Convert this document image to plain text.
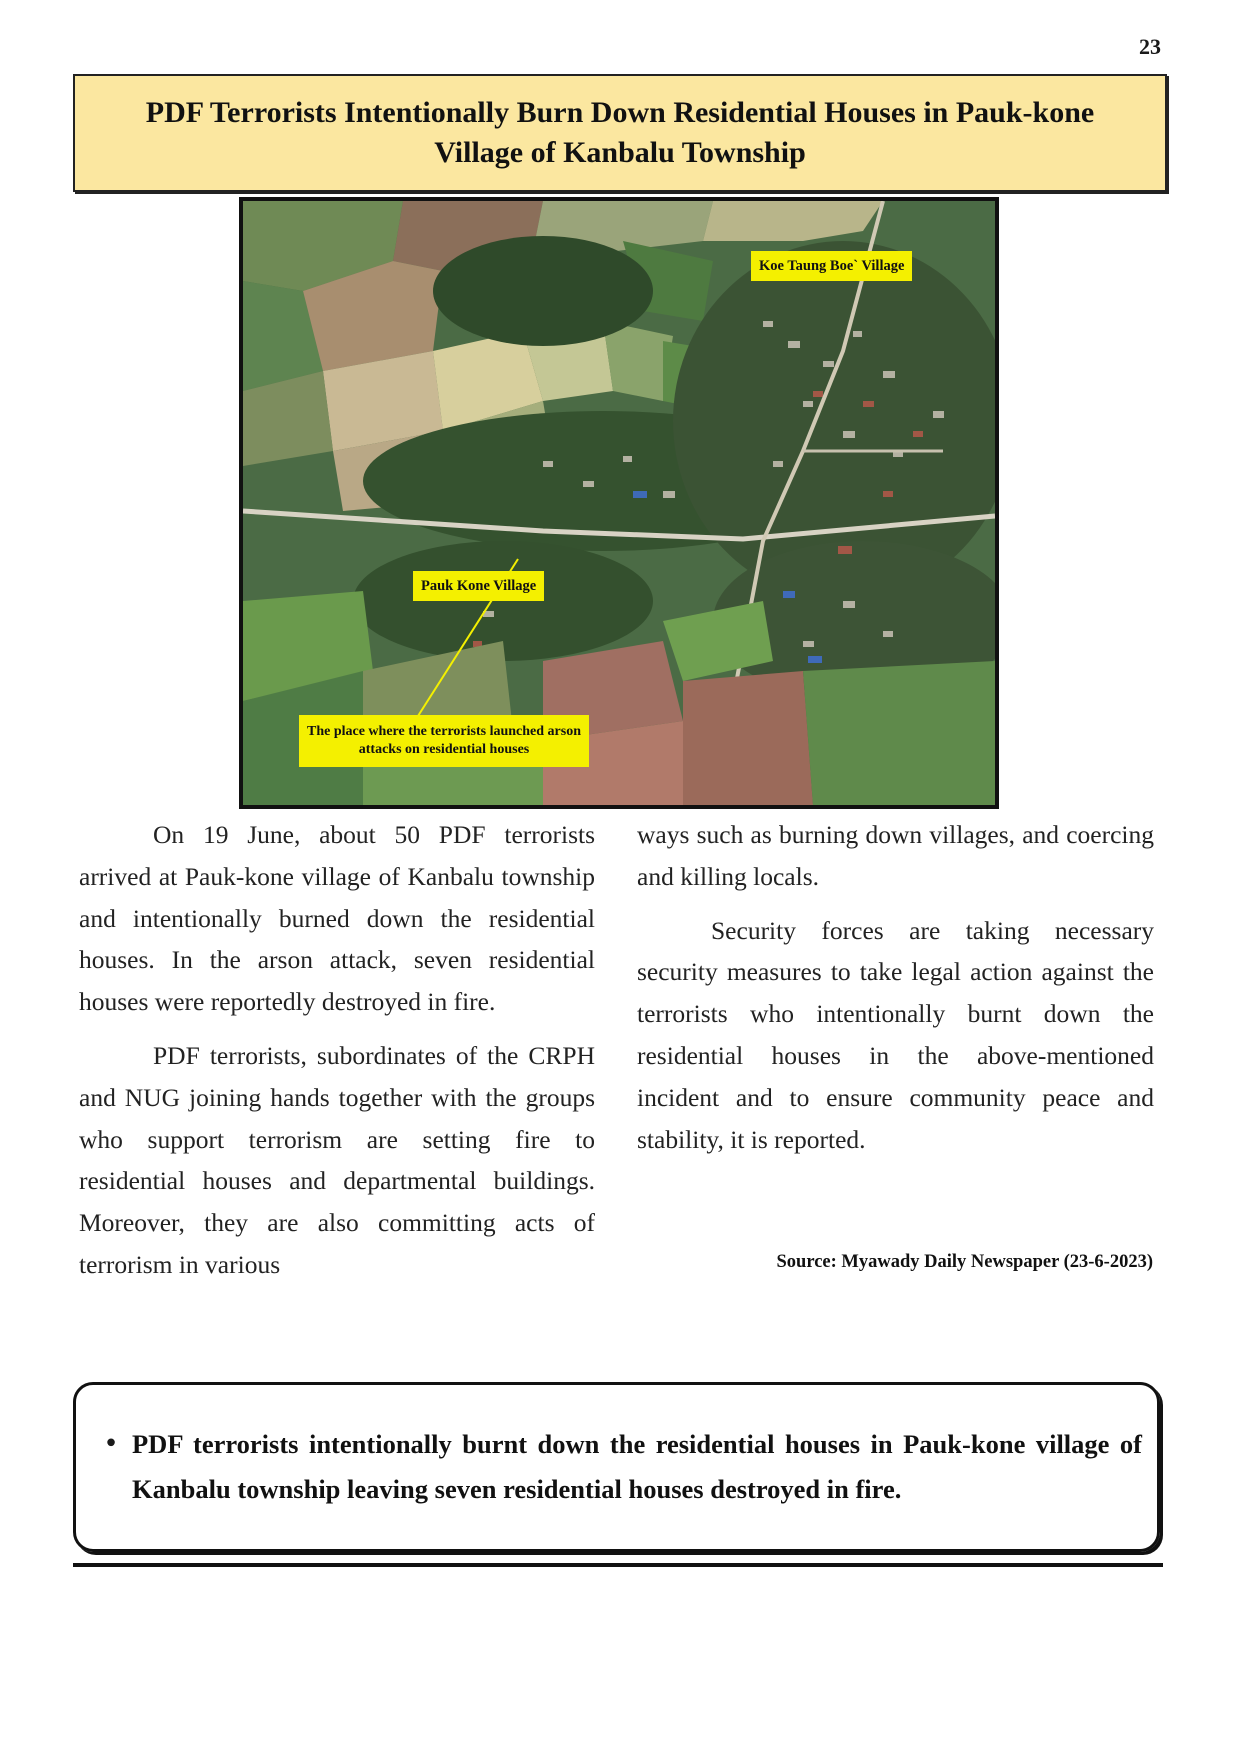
23
PDF Terrorists Intentionally Burn Down Residential Houses in Pauk-kone Village of Kanbalu Township
Koe Taung Boe` Village
Pauk Kone Village
The place where the terrorists launched arson attacks on residential houses

On 19 June, about 50 PDF terrorists arrived at Pauk-kone village of Kanbalu township and intentionally burned down the residential houses. In the arson attack, seven residential houses were reportedly destroyed in fire.

PDF terrorists, subordinates of the CRPH and NUG joining hands together with the groups who support terrorism are setting fire to residential houses and departmental buildings. Moreover, they are also committing acts of terrorism in various

ways such as burning down villages, and coercing and killing locals.

Security forces are taking necessary security measures to take legal action against the terrorists who intentionally burnt down the residential houses in the above-mentioned incident and to ensure community peace and stability, it is reported.

Source: Myawady Daily Newspaper (23-6-2023)
• PDF terrorists intentionally burnt down the residential houses in Pauk-kone village of Kanbalu township leaving seven residential houses destroyed in fire.
